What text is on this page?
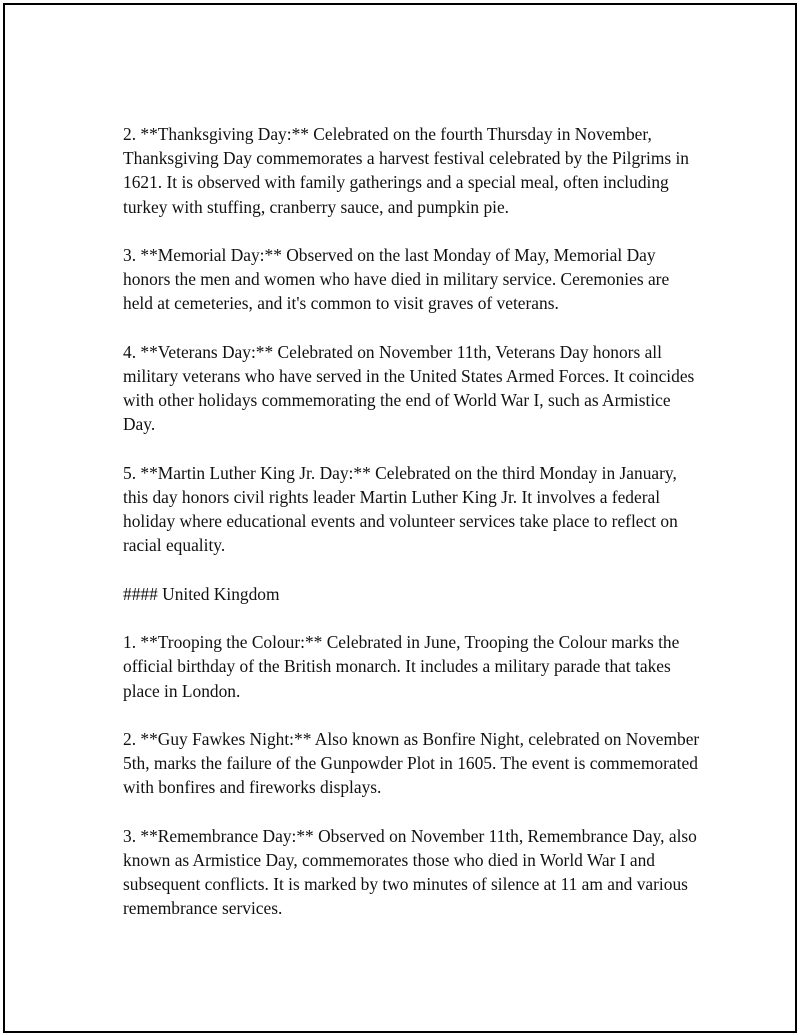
2. **Thanksgiving Day:** Celebrated on the fourth Thursday in November, Thanksgiving Day commemorates a harvest festival celebrated by the Pilgrims in 1621. It is observed with family gatherings and a special meal, often including turkey with stuffing, cranberry sauce, and pumpkin pie.

3. **Memorial Day:** Observed on the last Monday of May, Memorial Day honors the men and women who have died in military service. Ceremonies are held at cemeteries, and it's common to visit graves of veterans.

4. **Veterans Day:** Celebrated on November 11th, Veterans Day honors all military veterans who have served in the United States Armed Forces. It coincides with other holidays commemorating the end of World War I, such as Armistice Day.

5. **Martin Luther King Jr. Day:** Celebrated on the third Monday in January, this day honors civil rights leader Martin Luther King Jr. It involves a federal holiday where educational events and volunteer services take place to reflect on racial equality.

#### United Kingdom

1. **Trooping the Colour:** Celebrated in June, Trooping the Colour marks the official birthday of the British monarch. It includes a military parade that takes place in London.

2. **Guy Fawkes Night:** Also known as Bonfire Night, celebrated on November 5th, marks the failure of the Gunpowder Plot in 1605. The event is commemorated with bonfires and fireworks displays.

3. **Remembrance Day:** Observed on November 11th, Remembrance Day, also known as Armistice Day, commemorates those who died in World War I and subsequent conflicts. It is marked by two minutes of silence at 11 am and various remembrance services.
